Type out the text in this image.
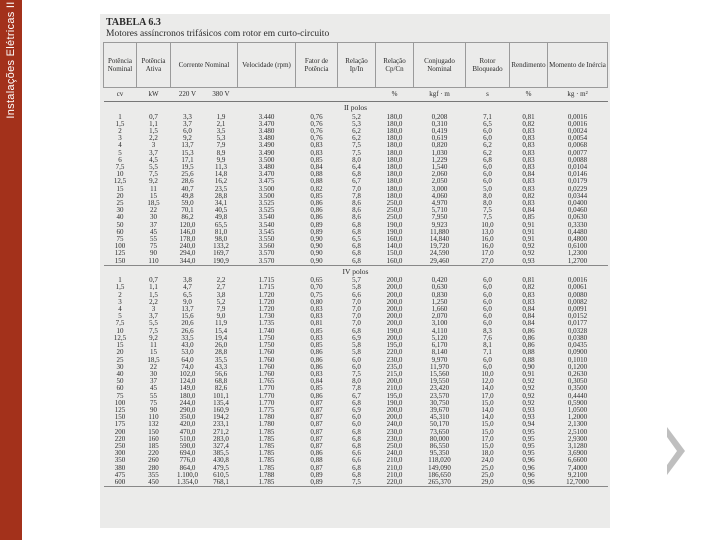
Instalações Elétricas II	TABELA 6.3
Motores assíncronos trifásicos com rotor em curto-circuito
Potência Nominal	Potência Ativa	Corrente Nominal		Velocidade (rpm)	Fator de Potência	Relação Ip/In	Relação Cp/Cn	Conjugado Nominal	Rotor Bloqueado	Rendimento	Momento de Inércia
cv	kW	220 V	380 V				%	kgf · m	s	%	kg · m²
II polos											
1	0,7	3,3	1,9	3.440	0,76	5,2	180,0	0,208	7,1	0,81	0,0016
1,5	1,1	3,7	2,1	3.470	0,76	5,3	180,0	0,310	6,5	0,82	0,0016
2	1,5	6,0	3,5	3.480	0,76	6,2	180,0	0,419	6,0	0,83	0,0024
3	2,2	9,2	5,3	3.480	0,76	6,2	180,0	0,619	6,0	0,83	0,0054
4	3	13,7	7,9	3.490	0,83	7,5	180,0	0,820	6,2	0,83	0,0068
5	3,7	15,3	8,9	3.490	0,83	7,5	180,0	1,030	6,2	0,83	0,0077
6	4,5	17,1	9,9	3.500	0,85	8,0	180,0	1,229	6,8	0,83	0,0088
7,5	5,5	19,5	11,3	3.480	0,84	6,4	180,0	1,540	6,0	0,83	0,0104
10	7,5	25,6	14,8	3.470	0,88	6,8	180,0	2,060	6,0	0,84	0,0146
12,5	9,2	28,6	16,2	3.475	0,88	6,7	180,0	2,050	6,0	0,83	0,0179
15	11	40,7	23,5	3.500	0,82	7,0	180,0	3,000	5,0	0,83	0,0229
20	15	49,8	28,8	3.500	0,85	7,8	180,0	4,060	8,0	0,82	0,0344
25	18,5	59,0	34,1	3.525	0,86	8,6	250,0	4,970	8,0	0,83	0,0400
30	22	70,1	40,5	3.525	0,86	8,6	250,0	5,710	7,5	0,84	0,0460
40	30	86,2	49,8	3.540	0,86	8,6	250,0	7,950	7,5	0,85	0,0630
50	37	120,0	65,5	3.540	0,89	6,8	190,0	9,923	10,0	0,91	0,3330
60	45	146,0	81,0	3.545	0,89	6,8	190,0	11,880	13,0	0,91	0,4480
75	55	178,0	98,0	3.550	0,90	6,5	160,0	14,840	16,0	0,91	0,4800
100	75	240,0	133,2	3.560	0,90	6,8	140,0	19,720	16,0	0,92	0,6100
125	90	294,0	169,7	3.570	0,90	6,8	150,0	24,590	17,0	0,92	1,2300
150	110	344,0	190,9	3.570	0,90	6,8	160,0	29,460	27,0	0,93	1,2700
IV polos											
1	0,7	3,8	2,2	1.715	0,65	5,7	200,0	0,420	6,0	0,81	0,0016
1,5	1,1	4,7	2,7	1.715	0,70	5,8	200,0	0,630	6,0	0,82	0,0061
2	1,5	6,5	3,8	1.720	0,75	6,6	200,0	0,830	6,0	0,83	0,0080
3	2,2	9,0	5,2	1.720	0,80	7,0	200,0	1,250	6,0	0,83	0,0082
4	3	13,7	7,9	1.720	0,83	7,0	200,0	1,660	6,0	0,84	0,0091
5	3,7	15,6	9,0	1.730	0,83	7,0	200,0	2,070	6,0	0,84	0,0152
7,5	5,5	20,6	11,9	1.735	0,81	7,0	200,0	3,100	6,0	0,84	0,0177
10	7,5	26,6	15,4	1.740	0,85	6,8	190,0	4,110	8,3	0,86	0,0328
12,5	9,2	33,5	19,4	1.750	0,83	6,9	200,0	5,120	7,6	0,86	0,0380
15	11	43,0	26,0	1.750	0,85	5,8	195,0	6,170	8,1	0,86	0,0435
20	15	53,0	28,8	1.760	0,86	5,8	220,0	8,140	7,1	0,88	0,0900
25	18,5	64,0	35,5	1.760	0,86	6,0	230,0	9,970	6,0	0,88	0,1010
30	22	74,0	43,3	1.760	0,86	6,0	235,0	11,970	6,0	0,90	0,1200
40	30	102,0	56,6	1.760	0,83	7,5	215,0	15,560	10,0	0,91	0,2630
50	37	124,0	68,8	1.765	0,84	8,0	200,0	19,550	12,0	0,92	0,3050
60	45	149,0	82,6	1.770	0,85	7,8	210,0	23,420	14,0	0,92	0,3500
75	55	180,0	101,1	1.770	0,86	6,7	195,0	23,570	17,0	0,92	0,4440
100	75	244,0	135,4	1.770	0,87	6,8	190,0	30,750	15,0	0,92	0,5900
125	90	290,0	160,9	1.775	0,87	6,9	200,0	39,670	14,0	0,93	1,0500
150	110	350,0	194,2	1.780	0,87	6,0	200,0	45,310	14,0	0,93	1,2000
175	132	420,0	233,1	1.780	0,87	6,0	240,0	50,170	15,0	0,94	2,1300
200	150	470,0	271,2	1.785	0,87	6,8	230,0	73,650	15,0	0,95	2,5100
220	160	510,0	283,0	1.785	0,87	6,8	230,0	80,000	17,0	0,95	2,9300
250	185	590,0	327,4	1.785	0,87	6,8	250,0	86,550	15,0	0,95	3,1280
300	220	694,0	385,5	1.785	0,86	6,6	240,0	95,350	18,0	0,95	3,6900
350	260	776,0	430,8	1.785	0,88	6,6	210,0	118,020	24,0	0,96	6,6600
380	280	864,0	479,5	1.785	0,87	6,8	210,0	149,090	25,0	0,96	7,4000
475	355	1.100,0	610,5	1.788	0,89	6,8	210,0	186,650	25,0	0,96	9,2100
600	450	1.354,0	768,1	1.785	0,89	7,5	220,0	265,370	29,0	0,96	12,7000
